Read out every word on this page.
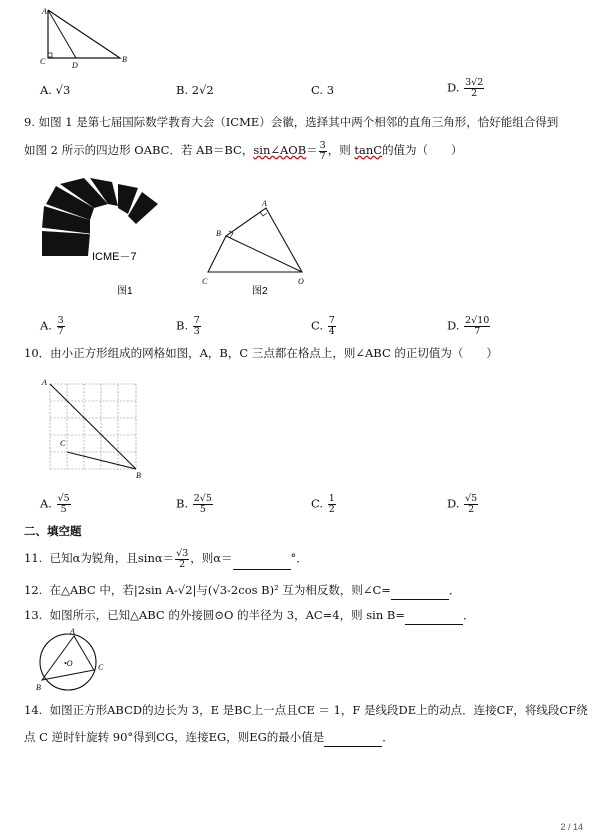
A
C	D
B
A. √3	B. 2√2	C. 3	D. $\frac{3√2}{2}$
9. 如图 1 是第七届国际数学教育大会（ICME）会徽，选择其中两个相邻的直角三角形，恰好能组合得到
如图 2 所示的四边形 OABC．若 AB＝BC，sin∠AOB＝ $\frac{3}{7}$ ，则 tanC的值为（　　）
ICME－7
图1
A
B
C	O
图2
A. $\frac{3}{7}$	B. $\frac{7}{3}$	C. $\frac{7}{4}$	D. $\frac{2√10}{7}$
10．由小正方形组成的网格如图，A，B，C 三点都在格点上，则∠ABC 的正切值为（　　）
A
C
B
A. $\frac{√5}{5}$	B. $\frac{2√5}{5}$	C. $\frac{1}{2}$	D. $\frac{√5}{2}$
二、填空题
11. 已知α为锐角，且$\sin\alpha= \frac{√3}{2}$ ，则α＝	°．
12. 在△ABC 中，若|2sin A-√2|与(√3-2cos B)² 互为相反数，则∠C=	．
13. 如图所示，已知△ABC 的外接圆⊙O 的半径为 3，AC=4，则 sin B=	．
A
•O	C
B
14. 如图正方形ABCD的边长为 3，E 是BC上一点且CE ＝ 1，F 是线段DE上的动点．连接CF，将线段CF绕
点 C 逆时针旋转 90°得到CG，连接EG，则EG的最小值是	．
2 / 14
